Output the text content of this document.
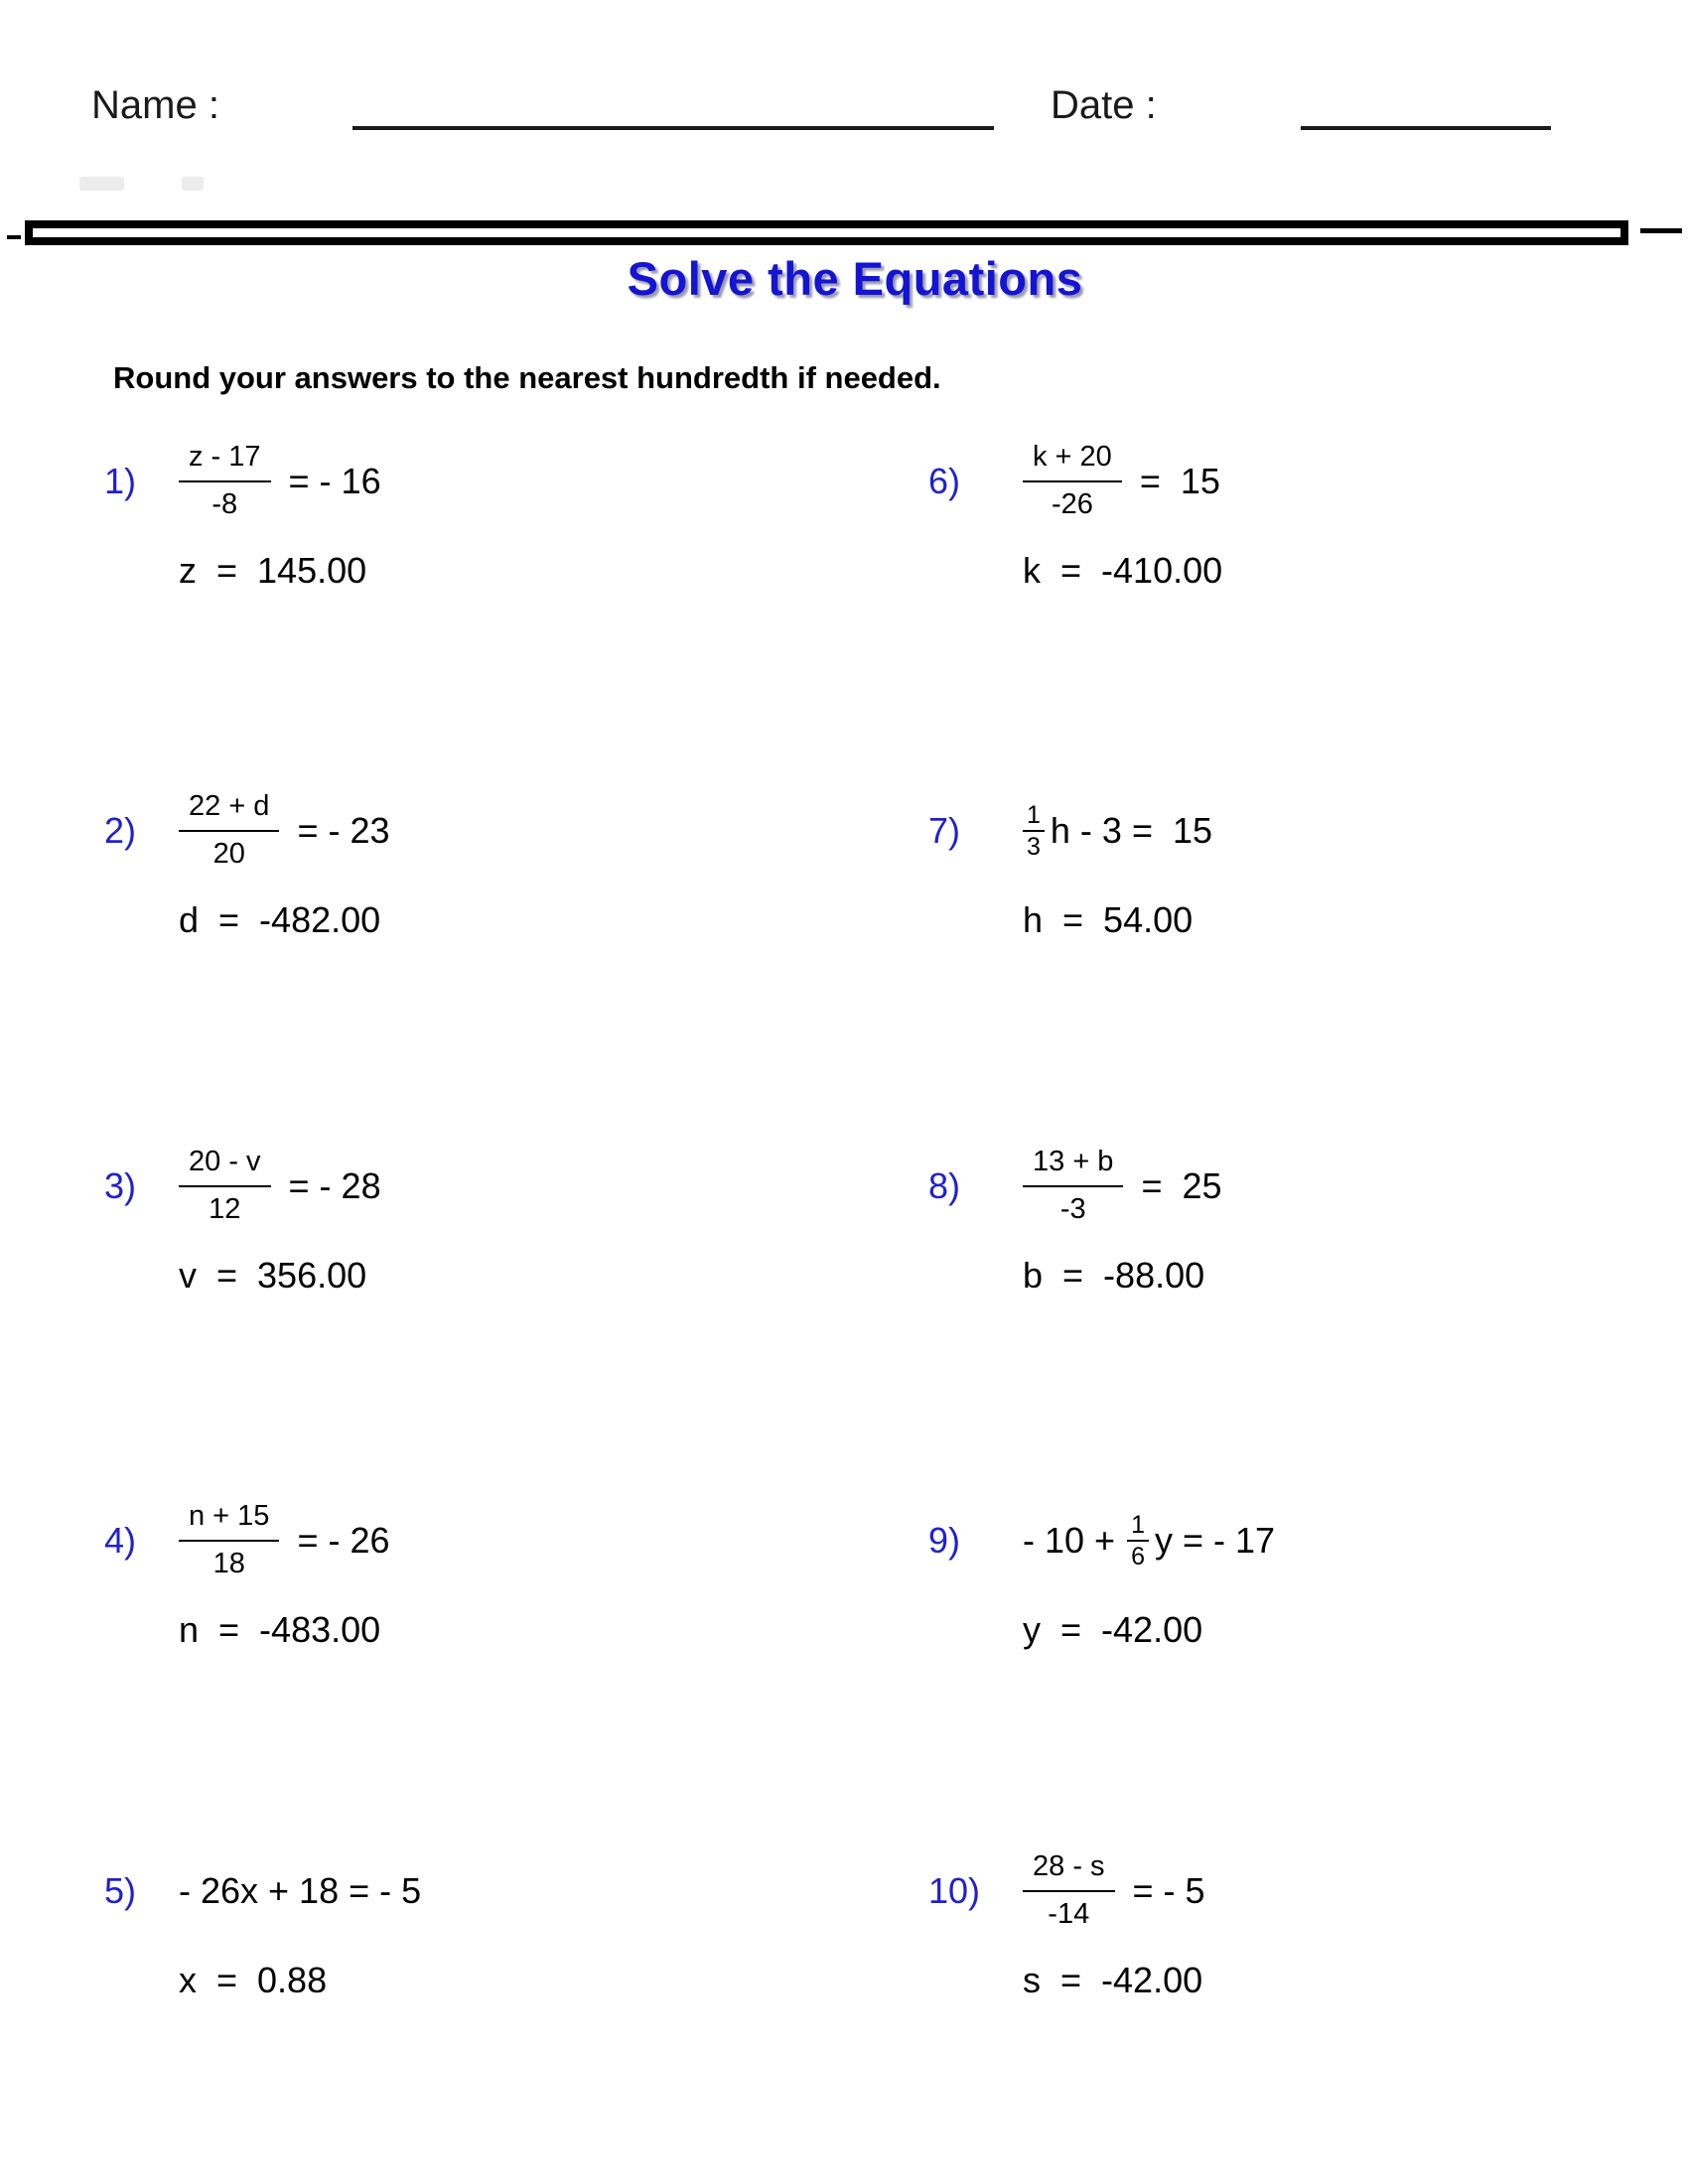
Name :	Date :
Solve the Equations
Round your answers to the nearest hundredth if needed.
1)	$\frac{z - 17}{-8}$ = - 16
z  =  145.00
2)	$\frac{22 + d}{20}$ = - 23
d  =  -482.00
3)	$\frac{20 - v}{12}$ = - 28
v  =  356.00
4)	$\frac{n + 15}{18}$ = - 26
n  =  -483.00
5)	- 26x + 18 = - 5
x  =  0.88
6)	$\frac{k + 20}{-26} = 15$
k  =  -410.00
7)	$\frac{1}{3}$ h - 3 =  15
h  =  54.00
8)	$\frac{13 + b}{-3} = 25$
b  =  -88.00
9)	- $10 + \frac{1}{6}$ y = - 17
y  =  -42.00
10)	$\frac{28 - s}{-14}$ = - 5
s  =  -42.00
